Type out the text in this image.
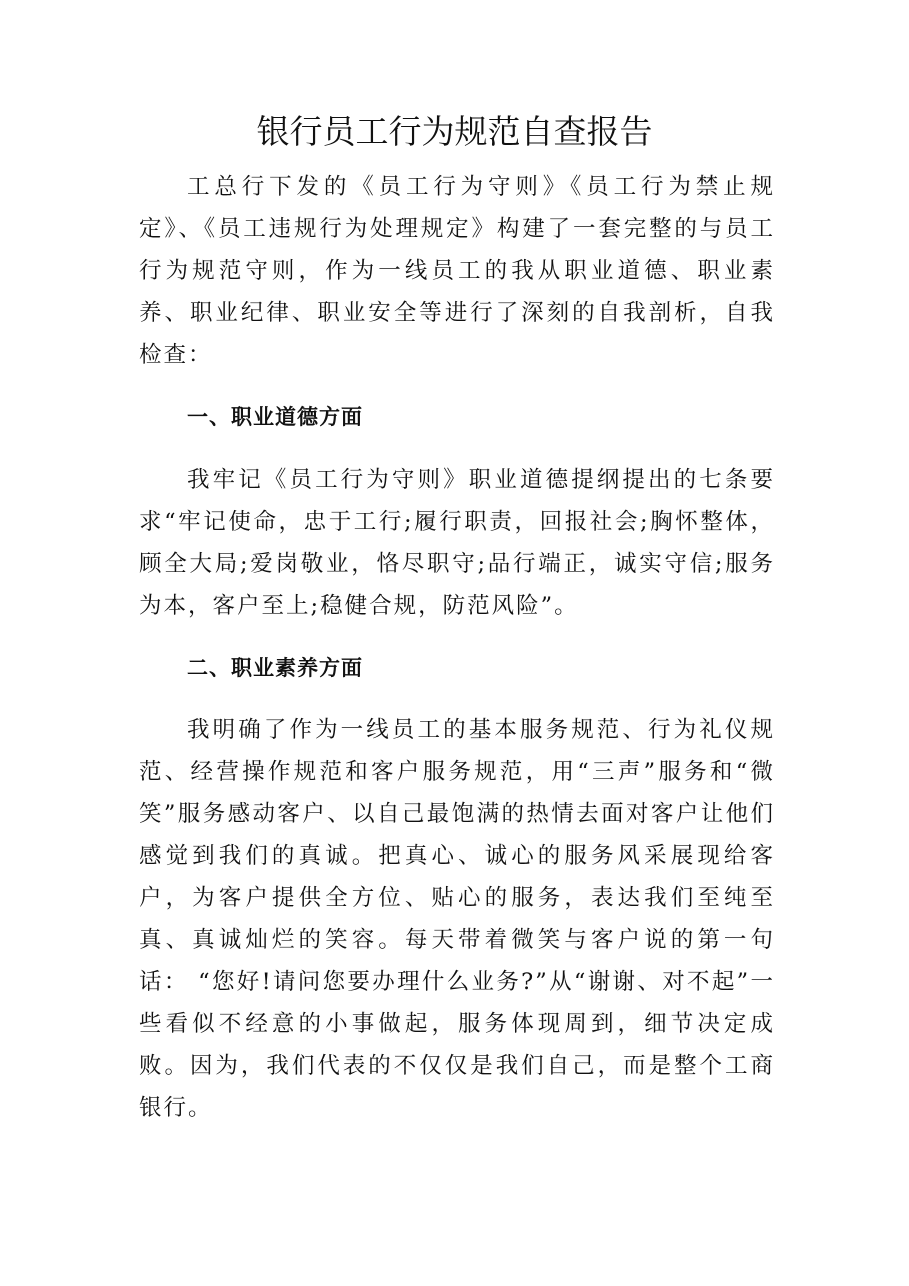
银行员工行为规范自查报告

工总行下发的《员工行为守则》《员工行为禁止规定》、《员工违规行为处理规定》构建了一套完整的与员工行为规范守则，作为一线员工的我从职业道德、职业素养、职业纪律、职业安全等进行了深刻的自我剖析，自我检查：

一、职业道德方面

我牢记《员工行为守则》职业道德提纲提出的七条要求“牢记使命，忠于工行;履行职责，回报社会;胸怀整体，顾全大局;爱岗敬业，恪尽职守;品行端正，诚实守信;服务为本，客户至上;稳健合规，防范风险”。

二、职业素养方面

我明确了作为一线员工的基本服务规范、行为礼仪规范、经营操作规范和客户服务规范，用“三声”服务和“微笑”服务感动客户、以自己最饱满的热情去面对客户让他们感觉到我们的真诚。把真心、诚心的服务风采展现给客户，为客户提供全方位、贴心的服务，表达我们至纯至真、真诚灿烂的笑容。每天带着微笑与客户说的第一句话： “您好!请问您要办理什么业务?”从“谢谢、对不起”一些看似不经意的小事做起，服务体现周到，细节决定成败。因为，我们代表的不仅仅是我们自己，而是整个工商银行。
